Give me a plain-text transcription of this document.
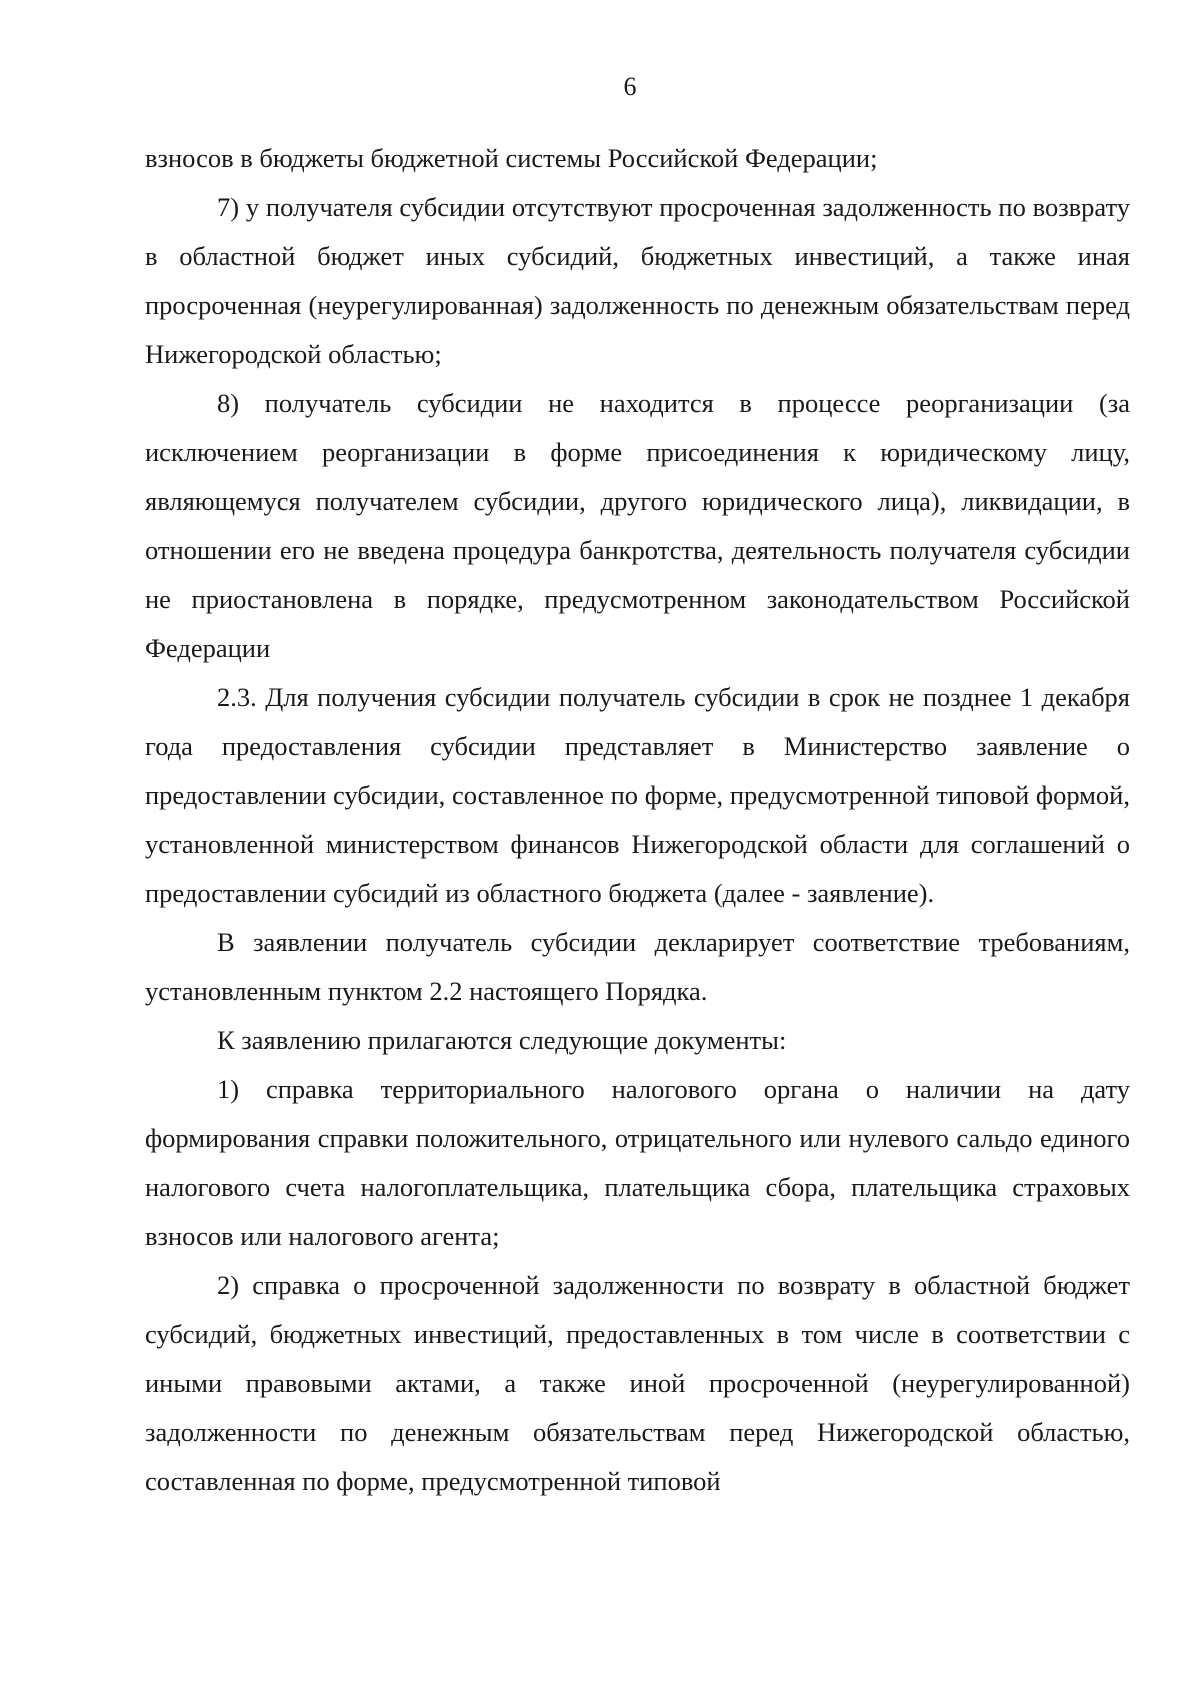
6

взносов в бюджеты бюджетной системы Российской Федерации;

7) у получателя субсидии отсутствуют просроченная задолженность по возврату в областной бюджет иных субсидий, бюджетных инвестиций, а также иная просроченная (неурегулированная) задолженность по денежным обязательствам перед Нижегородской областью;

8) получатель субсидии не находится в процессе реорганизации (за исключением реорганизации в форме присоединения к юридическому лицу, являющемуся получателем субсидии, другого юридического лица), ликвидации, в отношении его не введена процедура банкротства, деятельность получателя субсидии не приостановлена в порядке, предусмотренном законодательством Российской Федерации

2.3. Для получения субсидии получатель субсидии в срок не позднее 1 декабря года предоставления субсидии представляет в Министерство заявление о предоставлении субсидии, составленное по форме, предусмотренной типовой формой, установленной министерством финансов Нижегородской области для соглашений о предоставлении субсидий из областного бюджета (далее - заявление).

В заявлении получатель субсидии декларирует соответствие требованиям, установленным пунктом 2.2 настоящего Порядка.

К заявлению прилагаются следующие документы:

1) справка территориального налогового органа о наличии на дату формирования справки положительного, отрицательного или нулевого сальдо единого налогового счета налогоплательщика, плательщика сбора, плательщика страховых взносов или налогового агента;

2) справка о просроченной задолженности по возврату в областной бюджет субсидий, бюджетных инвестиций, предоставленных в том числе в соответствии с иными правовыми актами, а также иной просроченной (неурегулированной) задолженности по денежным обязательствам перед Нижегородской областью, составленная по форме, предусмотренной типовой
